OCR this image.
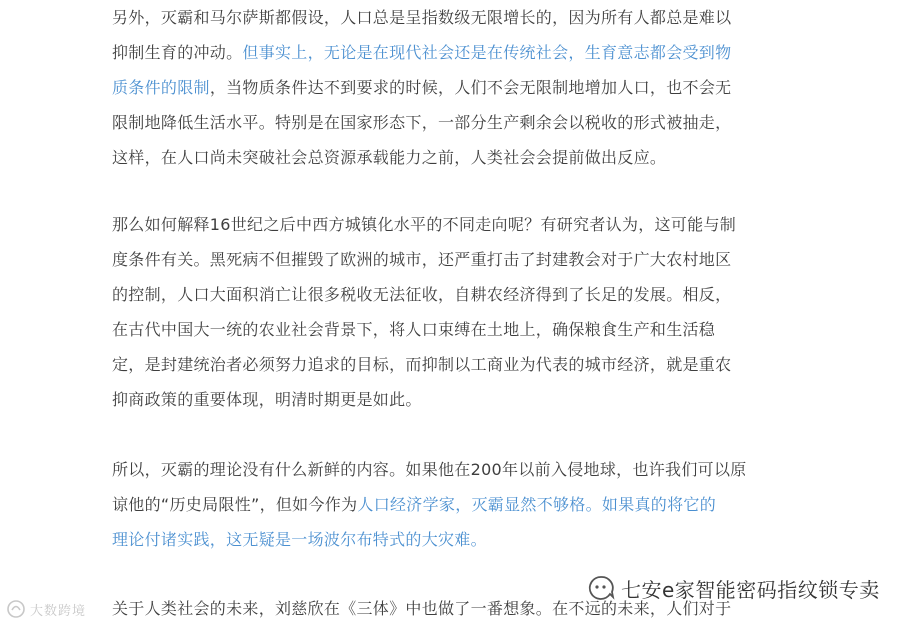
另外，灭霸和马尔萨斯都假设，人口总是呈指数级无限增长的，因为所有人都总是难以
抑制生育的冲动。但事实上，无论是在现代社会还是在传统社会，生育意志都会受到物
质条件的限制，当物质条件达不到要求的时候，人们不会无限制地增加人口，也不会无
限制地降低生活水平。特别是在国家形态下，一部分生产剩余会以税收的形式被抽走，
这样，在人口尚未突破社会总资源承载能力之前，人类社会会提前做出反应。

那么如何解释16世纪之后中西方城镇化水平的不同走向呢？有研究者认为，这可能与制
度条件有关。黑死病不但摧毁了欧洲的城市，还严重打击了封建教会对于广大农村地区
的控制，人口大面积消亡让很多税收无法征收，自耕农经济得到了长足的发展。相反，
在古代中国大一统的农业社会背景下，将人口束缚在土地上，确保粮食生产和生活稳
定，是封建统治者必须努力追求的目标，而抑制以工商业为代表的城市经济，就是重农
抑商政策的重要体现，明清时期更是如此。

所以，灭霸的理论没有什么新鲜的内容。如果他在200年以前入侵地球，也许我们可以原
谅他的“历史局限性”，但如今作为人口经济学家，灭霸显然不够格。如果真的将它的
理论付诸实践，这无疑是一场波尔布特式的大灾难。

关于人类社会的未来，刘慈欣在《三体》中也做了一番想象。在不远的未来，人们对于

大数跨境
七安e家智能密码指纹锁专卖
